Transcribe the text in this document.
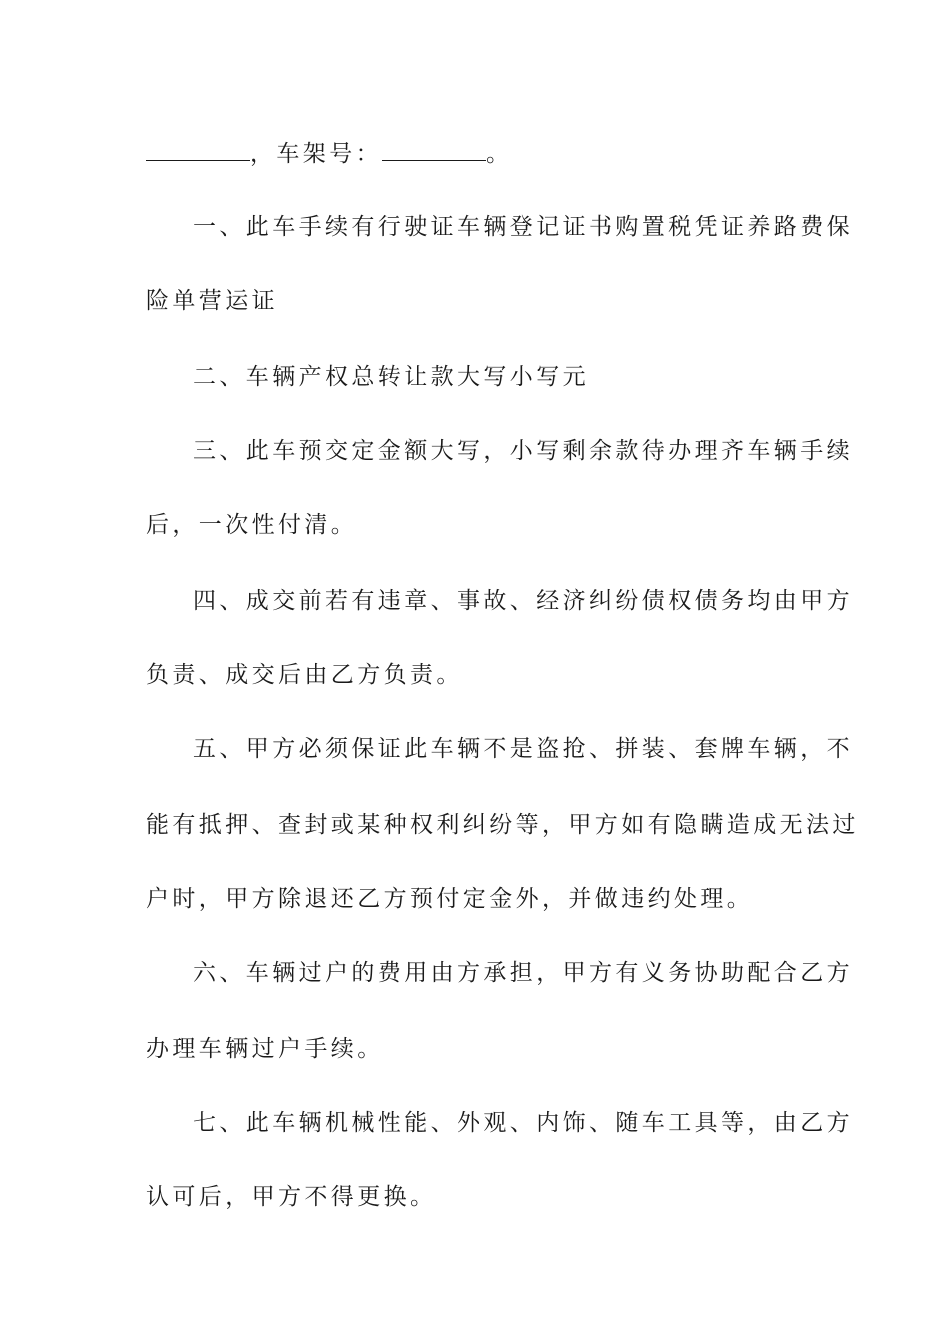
，车架号：	。
一、此车手续有行驶证车辆登记证书购置税凭证养路费保
险单营运证
二、车辆产权总转让款大写小写元
三、此车预交定金额大写，小写剩余款待办理齐车辆手续
后，一次性付清。
四、成交前若有违章、事故、经济纠纷债权债务均由甲方
负责、成交后由乙方负责。
五、甲方必须保证此车辆不是盗抢、拼装、套牌车辆，不
能有抵押、查封或某种权利纠纷等，甲方如有隐瞒造成无法过
户时，甲方除退还乙方预付定金外，并做违约处理。
六、车辆过户的费用由方承担，甲方有义务协助配合乙方
办理车辆过户手续。
七、此车辆机械性能、外观、内饰、随车工具等，由乙方
认可后，甲方不得更换。
